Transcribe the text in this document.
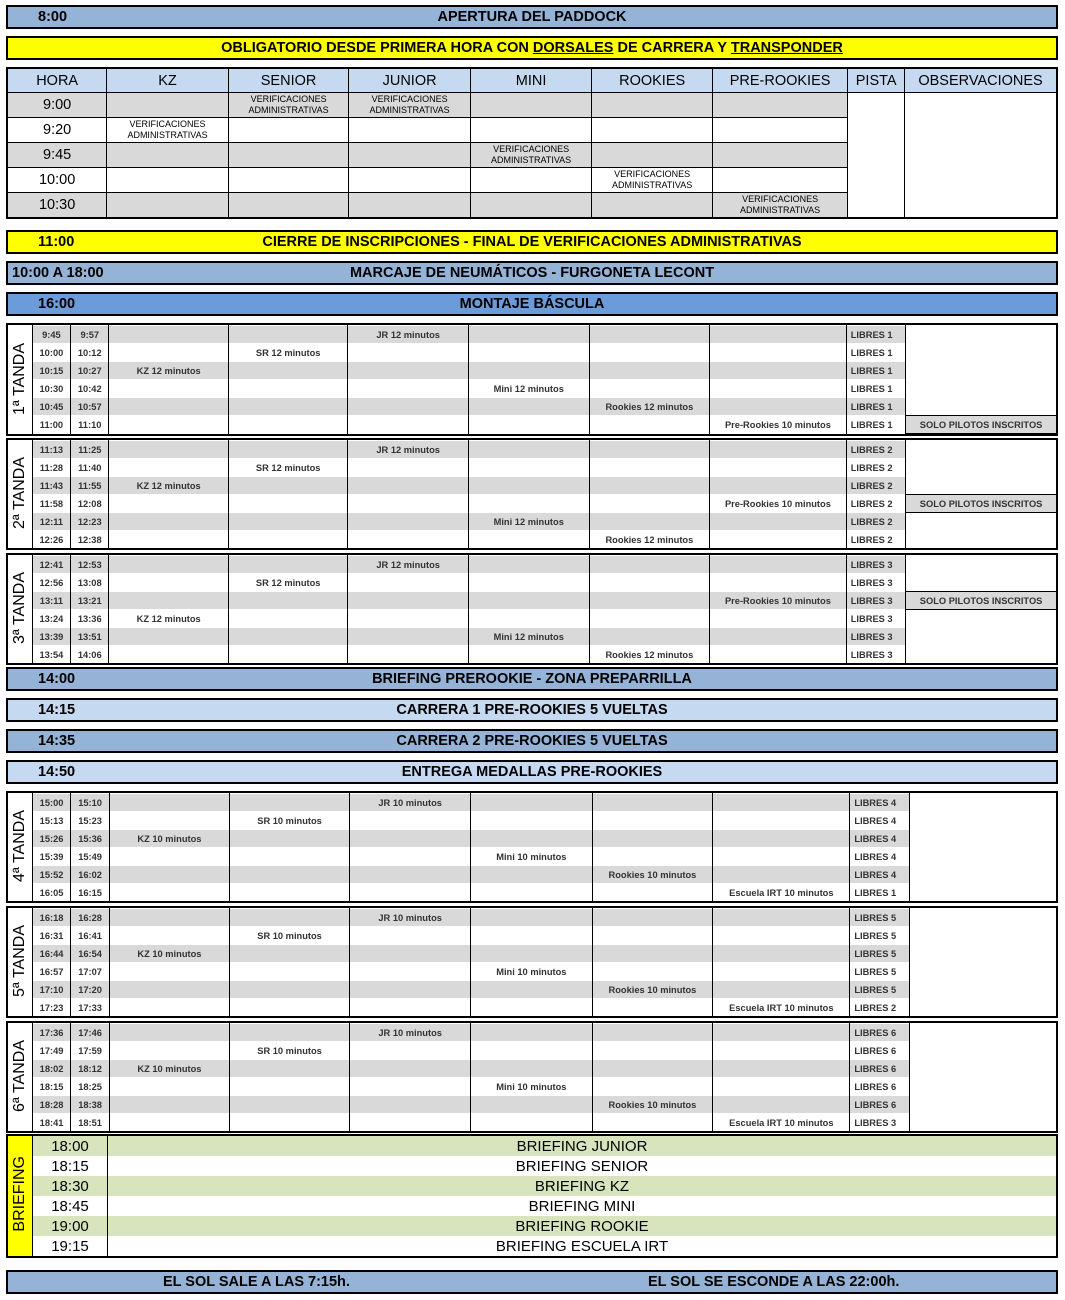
8:00	APERTURA DEL PADDOCK
OBLIGATORIO DESDE PRIMERA HORA CON DORSALES DE CARRERA Y TRANSPONDER
HORA	KZ	SENIOR	JUNIOR	MINI	ROOKIES	PRE-ROOKIES	PISTA	OBSERVACIONES
9:00		VERIFICACIONES ADMINISTRATIVAS	VERIFICACIONES ADMINISTRATIVAS					

9:20	VERIFICACIONES ADMINISTRATIVAS							

9:45				VERIFICACIONES ADMINISTRATIVAS				

10:00					VERIFICACIONES ADMINISTRATIVAS			

10:30						VERIFICACIONES ADMINISTRATIVAS		
11:00	CIERRE DE INSCRIPCIONES - FINAL DE VERIFICACIONES ADMINISTRATIVAS
10:00 A 18:00	MARCAJE DE NEUMÁTICOS - FURGONETA LECONT
16:00	MONTAJE BÁSCULA
1ª TANDA	9:45	9:57			JR 12 minutos				LIBRES 1	
	10:00	10:12		SR 12 minutos					LIBRES 1	
	10:15	10:27	KZ 12 minutos						LIBRES 1	
	10:30	10:42				Mini 12 minutos			LIBRES 1	
	10:45	10:57					Rookies 12 minutos		LIBRES 1	
	11:00	11:10						Pre-Rookies 10 minutos	LIBRES 1	SOLO PILOTOS INSCRITOS
2ª TANDA	11:13	11:25			JR 12 minutos				LIBRES 2	
	11:28	11:40		SR 12 minutos					LIBRES 2	
	11:43	11:55	KZ 12 minutos						LIBRES 2	
	11:58	12:08						Pre-Rookies 10 minutos	LIBRES 2	SOLO PILOTOS INSCRITOS
	12:11	12:23				Mini 12 minutos			LIBRES 2	
	12:26	12:38					Rookies 12 minutos		LIBRES 2	
3ª TANDA	12:41	12:53			JR 12 minutos				LIBRES 3	
	12:56	13:08		SR 12 minutos					LIBRES 3	
	13:11	13:21						Pre-Rookies 10 minutos	LIBRES 3	SOLO PILOTOS INSCRITOS
	13:24	13:36	KZ 12 minutos						LIBRES 3	
	13:39	13:51				Mini 12 minutos			LIBRES 3	
	13:54	14:06					Rookies 12 minutos		LIBRES 3	
14:00	BRIEFING PREROOKIE - ZONA PREPARRILLA
14:15	CARRERA 1 PRE-ROOKIES 5 VUELTAS
14:35	CARRERA 2 PRE-ROOKIES 5 VUELTAS
14:50	ENTREGA MEDALLAS PRE-ROOKIES
4ª TANDA	15:00	15:10			JR 10 minutos				LIBRES 4	
	15:13	15:23		SR 10 minutos					LIBRES 4	
	15:26	15:36	KZ 10 minutos						LIBRES 4	
	15:39	15:49				Mini 10 minutos			LIBRES 4	
	15:52	16:02					Rookies 10 minutos		LIBRES 4	
	16:05	16:15						Escuela IRT 10 minutos	LIBRES 1	
5ª TANDA	16:18	16:28			JR 10 minutos				LIBRES 5	
	16:31	16:41		SR 10 minutos					LIBRES 5	
	16:44	16:54	KZ 10 minutos						LIBRES 5	
	16:57	17:07				Mini 10 minutos			LIBRES 5	
	17:10	17:20					Rookies 10 minutos		LIBRES 5	
	17:23	17:33						Escuela IRT 10 minutos	LIBRES 2	
6ª TANDA	17:36	17:46			JR 10 minutos				LIBRES 6	
	17:49	17:59		SR 10 minutos					LIBRES 6	
	18:02	18:12	KZ 10 minutos						LIBRES 6	
	18:15	18:25				Mini 10 minutos			LIBRES 6	
	18:28	18:38					Rookies 10 minutos		LIBRES 6	
	18:41	18:51						Escuela IRT 10 minutos	LIBRES 3	
BRIEFING	18:00	BRIEFING JUNIOR
	18:15	BRIEFING SENIOR
	18:30	BRIEFING KZ
	18:45	BRIEFING MINI
	19:00	BRIEFING ROOKIE
	19:15	BRIEFING ESCUELA IRT
EL SOL SALE A LAS 7:15h.	EL SOL SE ESCONDE A LAS 22:00h.
